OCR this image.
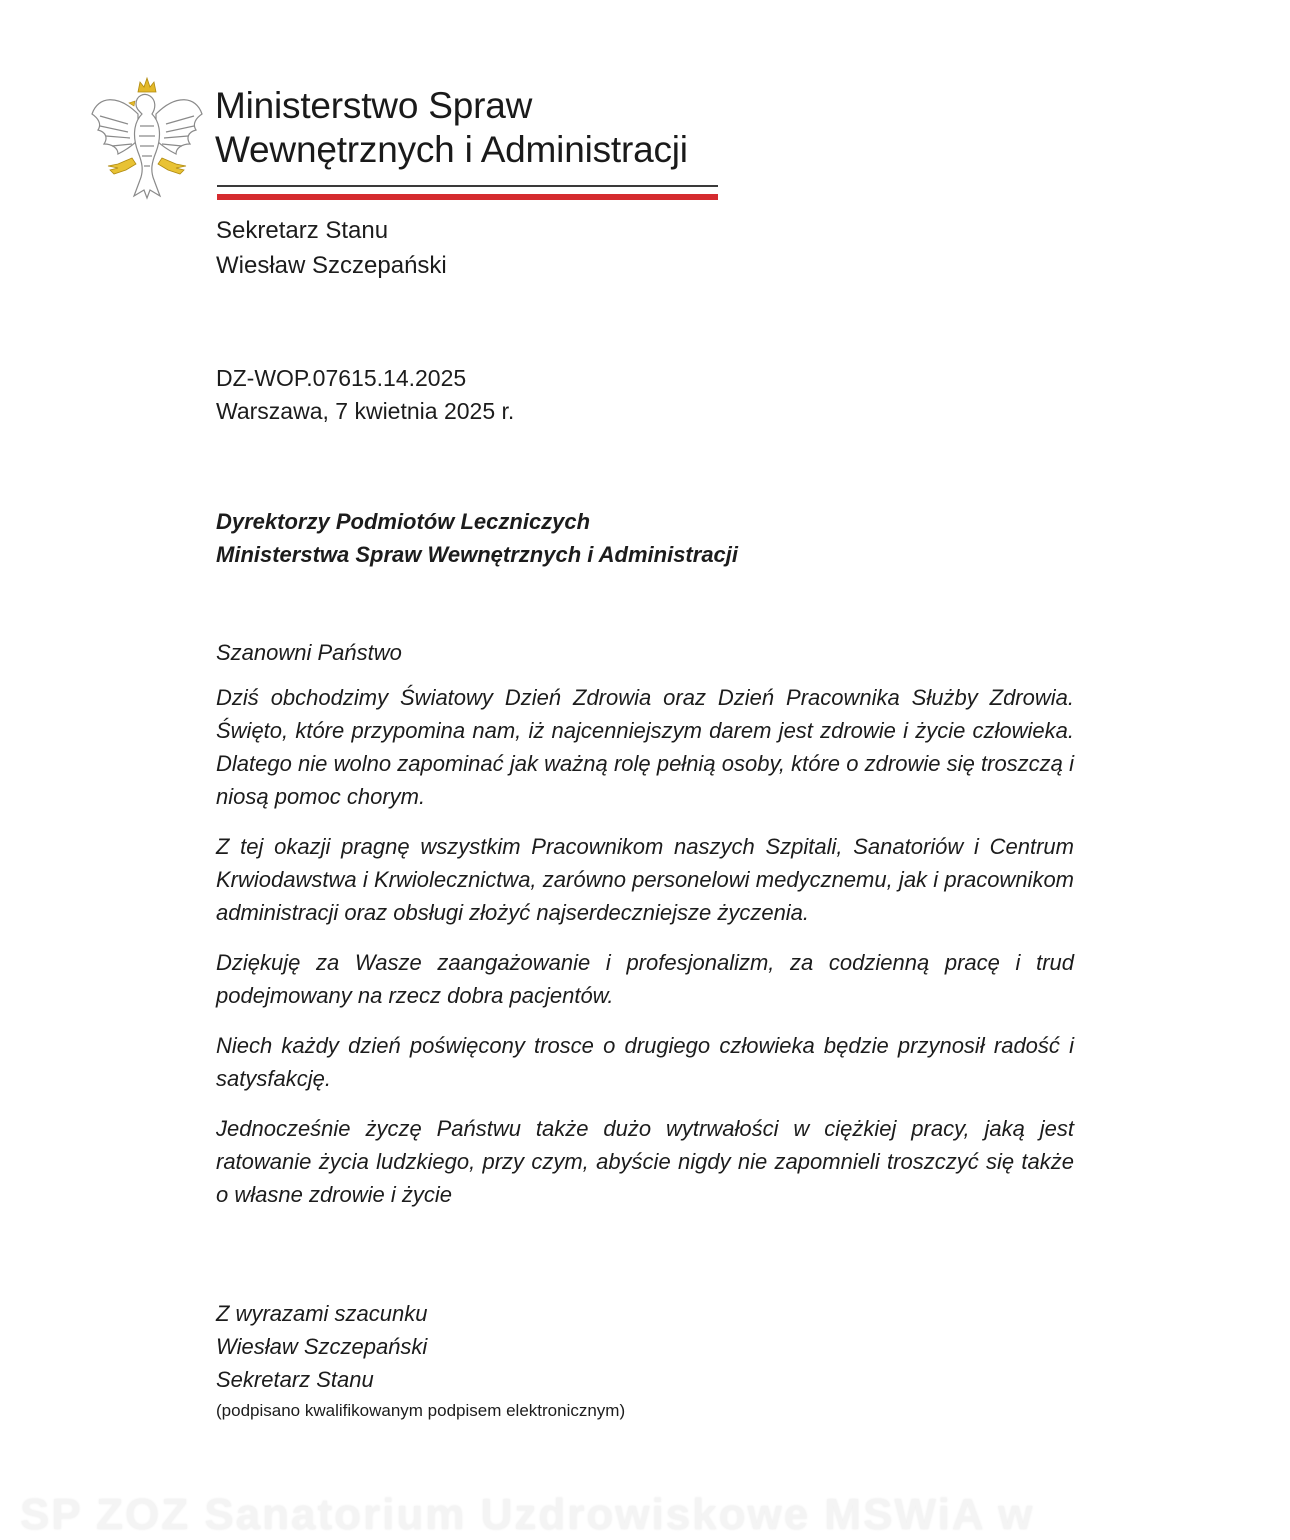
Ministerstwo Spraw
Wewnętrznych i Administracji
Sekretarz Stanu
Wiesław Szczepański
DZ-WOP.07615.14.2025
Warszawa, 7 kwietnia 2025 r.
Dyrektorzy Podmiotów Leczniczych
Ministerstwa Spraw Wewnętrznych i Administracji
Szanowni Państwo

Dziś obchodzimy Światowy Dzień Zdrowia oraz Dzień Pracownika Służby Zdrowia. Święto, które przypomina nam, iż najcenniejszym darem jest zdrowie i życie człowieka. Dlatego nie wolno zapominać jak ważną rolę pełnią osoby, które o zdrowie się troszczą i niosą pomoc chorym.

Z tej okazji pragnę wszystkim Pracownikom naszych Szpitali, Sanatoriów i Centrum Krwiodawstwa i Krwiolecznictwa, zarówno personelowi medycznemu, jak i pracownikom administracji oraz obsługi złożyć najserdeczniejsze życzenia.

Dziękuję za Wasze zaangażowanie i profesjonalizm, za codzienną pracę i trud podejmowany na rzecz dobra pacjentów.

Niech każdy dzień poświęcony trosce o drugiego człowieka będzie przynosił radość i satysfakcję.

Jednocześnie życzę Państwu także dużo wytrwałości w ciężkiej pracy, jaką jest ratowanie życia ludzkiego, przy czym, abyście nigdy nie zapomnieli troszczyć się także o własne zdrowie i życie

Z wyrazami szacunku
Wiesław Szczepański
Sekretarz Stanu
(podpisano kwalifikowanym podpisem elektronicznym)
SP ZOZ Sanatorium Uzdrowiskowe MSWiA w
